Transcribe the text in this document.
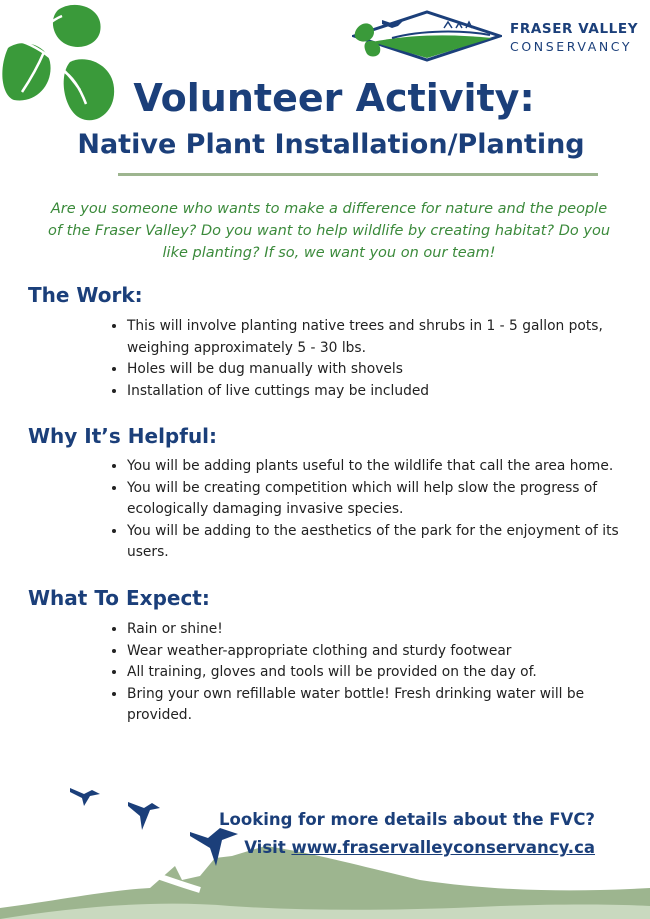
FRASER VALLEY
CONSERVANCY
Volunteer Activity:
Native Plant Installation/Planting
Are you someone who wants to make a difference for nature and the people of the Fraser Valley? Do you want to help wildlife by creating habitat? Do you like planting? If so, we want you on our team!
The Work:
• This will involve planting native trees and shrubs in 1 - 5 gallon pots, weighing approximately 5 - 30 lbs.
• Holes will be dug manually with shovels
• Installation of live cuttings may be included
Why It’s Helpful:
• You will be adding plants useful to the wildlife that call the area home.
• You will be creating competition which will help slow the progress of ecologically damaging invasive species.
• You will be adding to the aesthetics of the park for the enjoyment of its users.
What To Expect:
• Rain or shine!
• Wear weather-appropriate clothing and sturdy footwear
• All training, gloves and tools will be provided on the day of.
• Bring your own refillable water bottle! Fresh drinking water will be provided.
Looking for more details about the FVC?
Visit www.fraservalleyconservancy.ca
